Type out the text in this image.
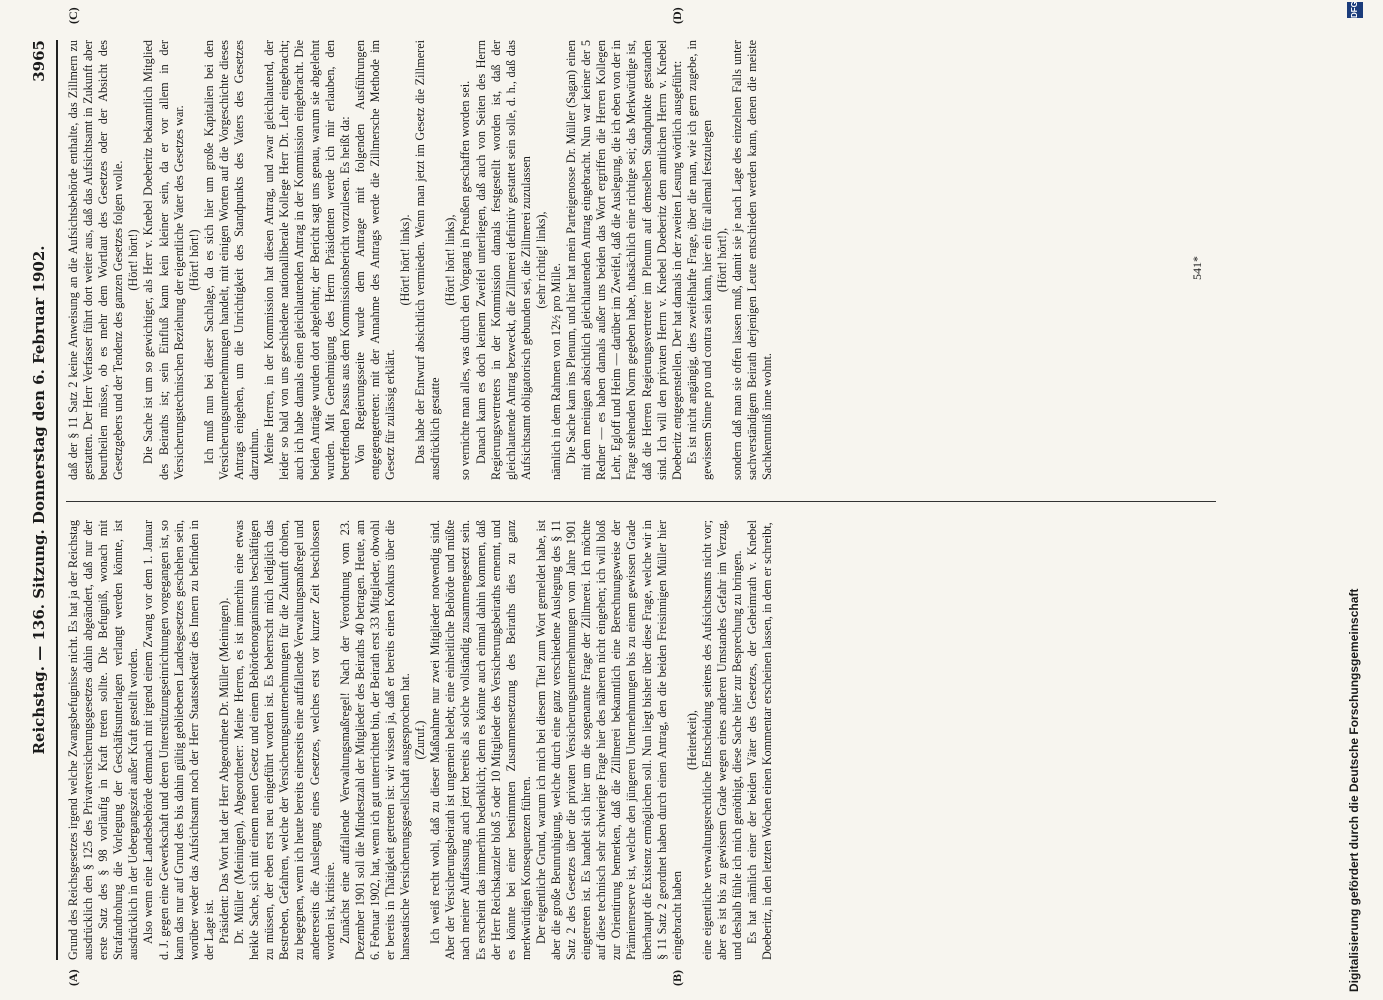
Reichstag. — 136. Sitzung. Donnerstag den 6. Februar 1902.
3965
(A)	(B)
(C)	(D)

Grund des Reichsgesetzes irgend welche Zwangsbefugnisse nicht. Es hat ja der Reichstag ausdrücklich den § 125 des Privatversicherungsgesetzes dahin abgeändert, daß nur der erste Satz des § 98 vorläufig in Kraft treten sollte. Die Befugniß, wonach mit Strafandrohung die Vorlegung der Geschäftsunterlagen verlangt werden könnte, ist ausdrücklich in der Uebergangszeit außer Kraft gestellt worden. Also wenn eine Landesbehörde demnach mit irgend einem Zwang vor dem 1. Januar d. J. gegen eine Gewerkschaft und deren Unterstützungseinrichtungen vorgegangen ist, so kann das nur auf Grund des bis dahin gültig gebliebenen Landesgesetzes geschehen sein, worüber weder das Aufsichtsamt noch der Herr Staatssekretär des Innern zu befinden in der Lage ist. Präsident: Das Wort hat der Herr Abgeordnete Dr. Müller (Meiningen). Dr. Müller (Meiningen), Abgeordneter: Meine Herren, es ist immerhin eine etwas heikle Sache, sich mit einem neuen Gesetz und einem Behördenorganismus beschäftigen zu müssen, der eben erst neu eingeführt worden ist. Es beherrscht mich lediglich das Bestreben, Gefahren, welche der Versicherungsunternehmungen für die Zukunft drohen, zu begegnen, wenn ich heute bereits einerseits eine auffallende Verwaltungsmaßregel und andererseits die Auslegung eines Gesetzes, welches erst vor kurzer Zeit beschlossen worden ist, kritisire. Zunächst eine auffallende Verwaltungsmaßregel! Nach der Verordnung vom 23. Dezember 1901 soll die Mindestzahl der Mitglieder des Beiraths 40 betragen. Heute, am 6. Februar 1902, hat, wenn ich gut unterrichtet bin, der Beirath erst 33 Mitglieder, obwohl er bereits in Thätigkeit getreten ist: wir wissen ja, daß er bereits einen Konkurs über die hanseatische Versicherungsgesellschaft ausgesprochen hat. (Zuruf.) Ich weiß recht wohl, daß zu dieser Maßnahme nur zwei Mitglieder notwendig sind. Aber der Versicherungsbeirath ist ungemein belebt; eine einheitliche Behörde und müßte nach meiner Auffassung auch jetzt bereits als solche vollständig zusammengesetzt sein. Es erscheint das immerhin bedenklich; denn es könnte auch einmal dahin kommen, daß der Herr Reichskanzler bloß 5 oder 10 Mitglieder des Versicherungsbeiraths ernennt, und es könnte bei einer bestimmten Zusammensetzung des Beiraths dies zu ganz merkwürdigen Konsequenzen führen. Der eigentliche Grund, warum ich mich bei diesem Titel zum Wort gemeldet habe, ist aber die große Beunruhigung, welche durch eine ganz verschiedene Auslegung des § 11 Satz 2 des Gesetzes über die privaten Versicherungsunternehmungen vom Jahre 1901 eingetreten ist. Es handelt sich hier um die sogenannte Frage der Zillmerei. Ich möchte auf diese technisch sehr schwierige Frage hier des näheren nicht eingehen; ich will bloß zur Orientirung bemerken, daß die Zillmerei bekanntlich eine Berechnungsweise der Prämienreserve ist, welche den jüngeren Unternehmungen bis zu einem gewissen Grade überhaupt die Existenz ermöglichen soll. Nun liegt bisher über diese Frage, welche wir in § 11 Satz 2 geordnet haben durch einen Antrag, den die beiden Freisinnigen Müller hier eingebracht haben

(Heiterkeit), eine eigentliche verwaltungsrechtliche Entscheidung seitens des Aufsichtsamts nicht vor; aber es ist bis zu gewissem Grade wegen eines anderen Umstandes Gefahr im Verzug, und deshalb fühle ich mich genöthigt, diese Sache hier zur Besprechung zu bringen. Es hat nämlich einer der beiden Väter des Gesetzes, der Geheimrath v. Knebel Doeberitz, in den letzten Wochen einen Kommentar erscheinen lassen, in dem er schreibt,

daß der § 11 Satz 2 keine Anweisung an die Aufsichtsbehörde enthalte, das Zillmern zu gestatten. Der Herr Verfasser führt dort weiter aus, daß das Aufsichtsamt in Zukunft aber beurtheilen müsse, ob es mehr dem Wortlaut des Gesetzes oder der Absicht des Gesetzgebers und der Tendenz des ganzen Gesetzes folgen wolle. (Hört! hört!) Die Sache ist um so gewichtiger, als Herr v. Knebel Doeberitz bekanntlich Mitglied des Beiraths ist; sein Einfluß kann kein kleiner sein, da er vor allem in der Versicherungstechnischen Beziehung der eigentliche Vater des Gesetzes war. (Hört! hört!) Ich muß nun bei dieser Sachlage, da es sich hier um große Kapitalien bei den Versicherungsunternehmungen handelt, mit einigen Worten auf die Vorgeschichte dieses Antrags eingehen, um die Unrichtigkeit des Standpunkts des Vaters des Gesetzes darzuthun. Meine Herren, in der Kommission hat diesen Antrag, und zwar gleichlautend, der leider so bald von uns geschiedene nationalliberale Kollege Herr Dr. Lehr eingebracht; auch ich habe damals einen gleichlautenden Antrag in der Kommission eingebracht. Die beiden Anträge wurden dort abgelehnt; der Bericht sagt uns genau, warum sie abgelehnt wurden. Mit Genehmigung des Herrn Präsidenten werde ich mir erlauben, den betreffenden Passus aus dem Kommissionsbericht vorzulesen. Es heißt da: Von Regierungsseite wurde dem Antrage mit folgenden Ausführungen entgegengetreten: mit der Annahme des Antrags werde die Zillmersche Methode im Gesetz für zulässig erklärt.

(Hört! hört! links). Das habe der Entwurf absichtlich vermieden. Wenn man jetzt im Gesetz die Zillmerei ausdrücklich gestatte

(Hört! hört! links), so vernichte man alles, was durch den Vorgang in Preußen geschaffen worden sei. Danach kann es doch keinem Zweifel unterliegen, daß auch von Seiten des Herrn Regierungsvertreters in der Kommission damals festgestellt worden ist, daß der gleichlautende Antrag bezweckt, die Zillmerei definitiv gestattet sein solle, d. h., daß das Aufsichtsamt obligatorisch gebunden sei, die Zillmerei zuzulassen (sehr richtig! links),

nämlich in dem Rahmen von 12½ pro Mille. Die Sache kam ins Plenum, und hier hat mein Parteigenosse Dr. Müller (Sagan) einen mit dem meinigen absichtlich gleichlautenden Antrag eingebracht. Nun war keiner der 5 Redner — es haben damals außer uns beiden das Wort ergriffen die Herren Kollegen Lehr, Egloff und Heim — darüber im Zweifel, daß die Auslegung, die ich eben von der in Frage stehenden Norm gegeben habe, thatsächlich eine richtige sei; das Merkwürdige ist, daß die Herren Regierungsvertreter im Plenum auf demselben Standpunkte gestanden sind. Ich will den privaten Herrn v. Knebel Doeberitz dem amtlichen Herrn v. Knebel Doeberitz entgegenstellen. Der hat damals in der zweiten Lesung wörtlich ausgeführt: Es ist nicht angängig, dies zweifelhafte Frage, über die man, wie ich gern zugebe, in gewissem Sinne pro und contra sein kann, hier ein für allemal festzulegen (Hört! hört!), sondern daß man sie offen lassen muß, damit sie je nach Lage des einzelnen Falls unter sachverständigem Beirath derjenigen Leute entschieden werden kann, denen die meiste Sachkenntniß inne wohnt.

541*
Digitalisierung gefördert durch die Deutsche Forschungsgemeinschaft
DFG
